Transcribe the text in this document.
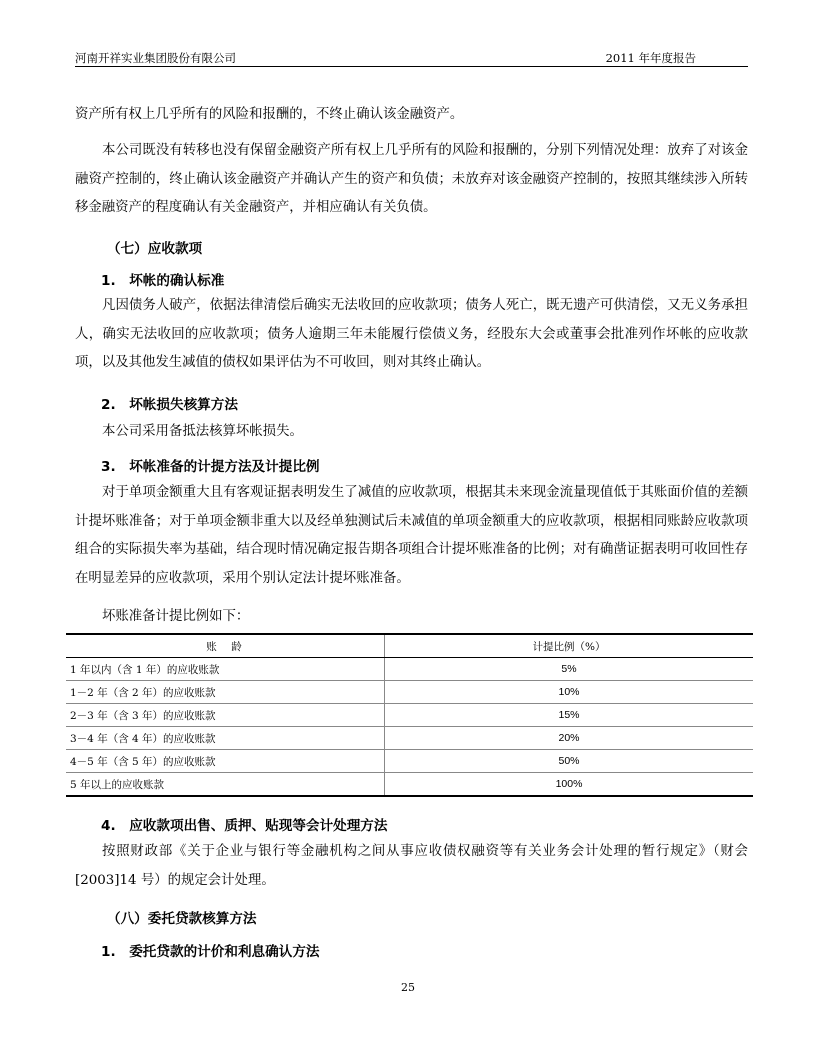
河南开祥实业集团股份有限公司	2011 年年度报告

资产所有权上几乎所有的风险和报酬的，不终止确认该金融资产。

本公司既没有转移也没有保留金融资产所有权上几乎所有的风险和报酬的，分别下列情况处理：放弃了对该金融资产控制的，终止确认该金融资产并确认产生的资产和负债；未放弃对该金融资产控制的，按照其继续涉入所转移金融资产的程度确认有关金融资产，并相应确认有关负债。

（七）应收款项

1.　坏帐的确认标准

凡因债务人破产，依据法律清偿后确实无法收回的应收款项；债务人死亡，既无遗产可供清偿，又无义务承担人，确实无法收回的应收款项；债务人逾期三年未能履行偿债义务，经股东大会或董事会批准列作坏帐的应收款项，以及其他发生减值的债权如果评估为不可收回，则对其终止确认。

2.　坏帐损失核算方法

本公司采用备抵法核算坏帐损失。

3.　坏帐准备的计提方法及计提比例

对于单项金额重大且有客观证据表明发生了减值的应收款项，根据其未来现金流量现值低于其账面价值的差额计提坏账准备；对于单项金额非重大以及经单独测试后未减值的单项金额重大的应收款项，根据相同账龄应收款项组合的实际损失率为基础，结合现时情况确定报告期各项组合计提坏账准备的比例；对有确凿证据表明可收回性存在明显差异的应收款项，采用个别认定法计提坏账准备。

坏账准备计提比例如下：

账　龄	计提比例（%）
1 年以内（含 1 年）的应收账款	5%
1－2 年（含 2 年）的应收账款	10%
2－3 年（含 3 年）的应收账款	15%
3－4 年（含 4 年）的应收账款	20%
4－5 年（含 5 年）的应收账款	50%
5 年以上的应收账款	100%

4.　应收款项出售、质押、贴现等会计处理方法

按照财政部《关于企业与银行等金融机构之间从事应收债权融资等有关业务会计处理的暂行规定》（财会[2003]14 号）的规定会计处理。

（八）委托贷款核算方法

1.　委托贷款的计价和利息确认方法

25
